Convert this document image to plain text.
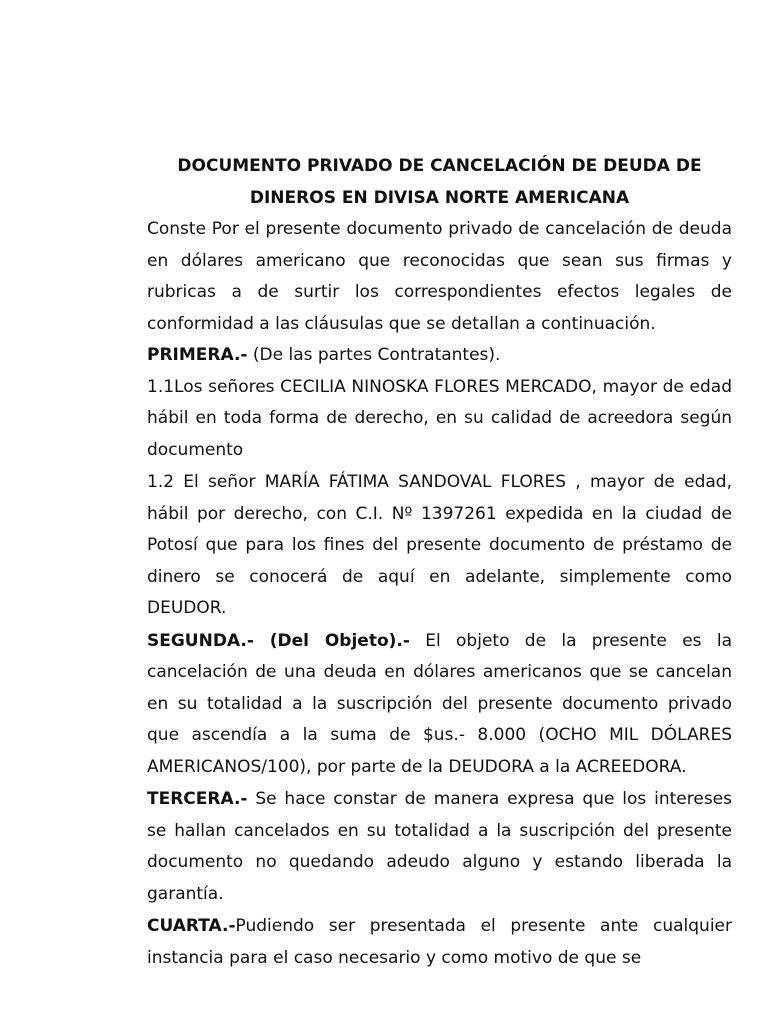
DOCUMENTO PRIVADO DE CANCELACIÓN DE DEUDA DE
DINEROS EN DIVISA NORTE AMERICANA

Conste Por el presente documento privado de cancelación de deuda en dólares americano que reconocidas que sean sus firmas y rubricas a de surtir los correspondientes efectos legales de conformidad a las cláusulas que se detallan a continuación.

PRIMERA.- (De las partes Contratantes).

1.1Los señores CECILIA NINOSKA FLORES MERCADO, mayor de edad hábil en toda forma de derecho, en su calidad de acreedora según documento

1.2 El señor MARÍA FÁTIMA SANDOVAL FLORES , mayor de edad, hábil por derecho, con C.I. Nº 1397261 expedida en la ciudad de Potosí que para los fines del presente documento de préstamo de dinero se conocerá de aquí en adelante, simplemente como DEUDOR.

SEGUNDA.- (Del Objeto).- El objeto de la presente es la cancelación de una deuda en dólares americanos que se cancelan en su totalidad a la suscripción del presente documento privado que ascendía a la suma de $us.- 8.000 (OCHO MIL DÓLARES AMERICANOS/100), por parte de la DEUDORA a la ACREEDORA.

TERCERA.- Se hace constar de manera expresa que los intereses se hallan cancelados en su totalidad a la suscripción del presente documento no quedando adeudo alguno y estando liberada la garantía.

CUARTA.-Pudiendo ser presentada el presente ante cualquier instancia para el caso necesario y como motivo de que se
